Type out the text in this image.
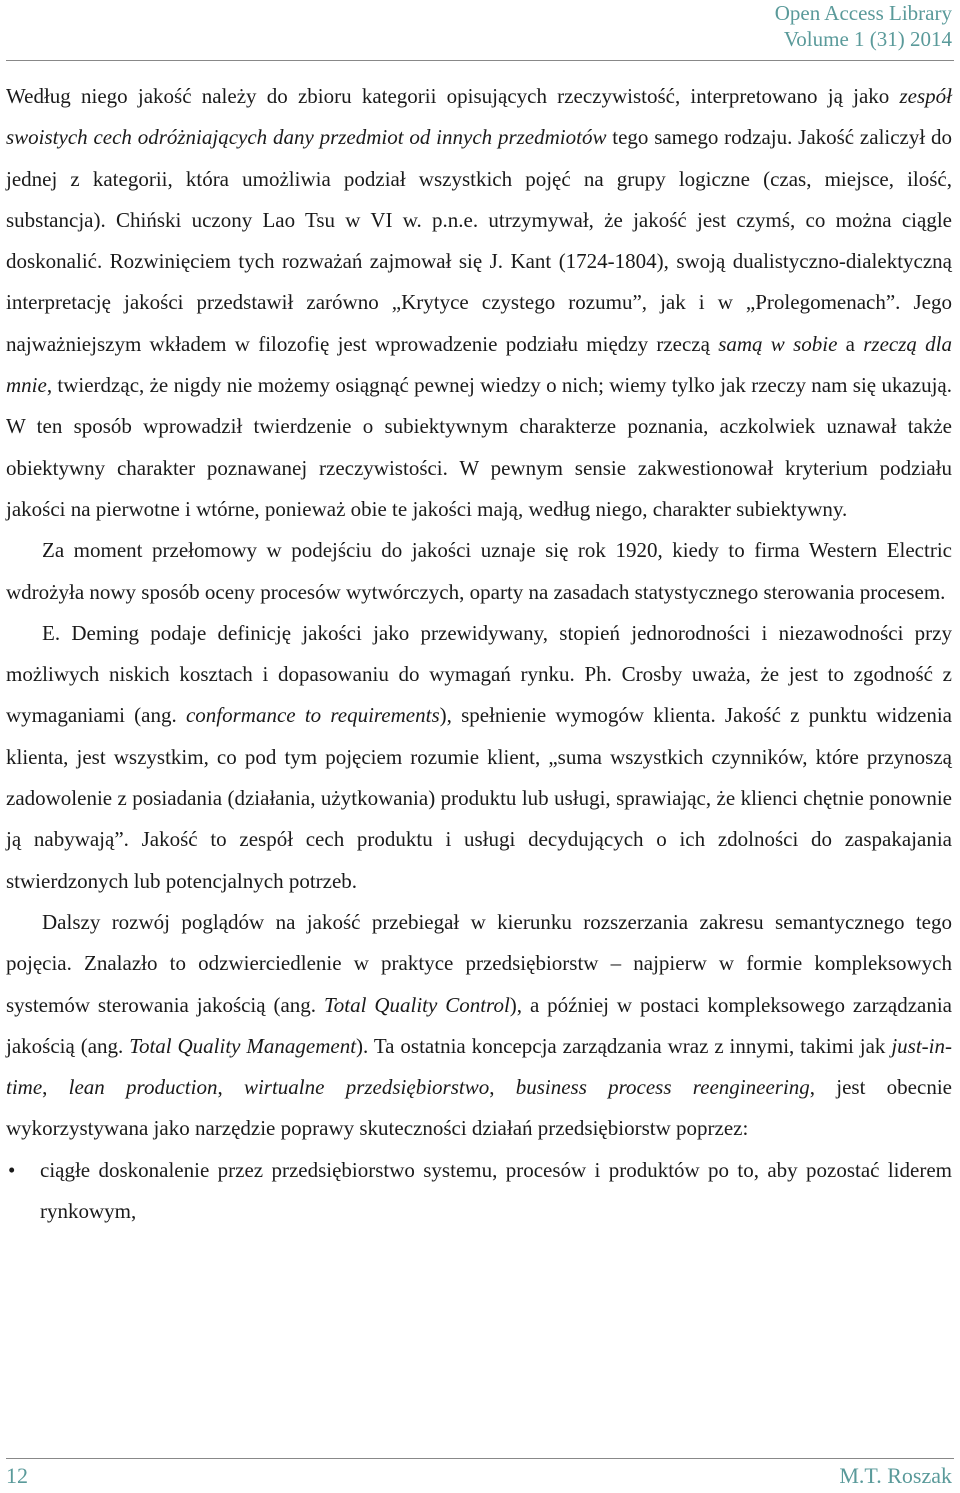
Open Access Library
Volume 1 (31) 2014

Według niego jakość należy do zbioru kategorii opisujących rzeczywistość, interpretowano ją jako zespół swoistych cech odróżniających dany przedmiot od innych przedmiotów tego samego rodzaju. Jakość zaliczył do jednej z kategorii, która umożliwia podział wszystkich pojęć na grupy logiczne (czas, miejsce, ilość, substancja). Chiński uczony Lao Tsu w VI w. p.n.e. utrzymywał, że jakość jest czymś, co można ciągle doskonalić. Rozwinięciem tych rozważań zajmował się J. Kant (1724-1804), swoją dualistyczno-dialektyczną interpretację jakości przedstawił zarówno „Krytyce czystego rozumu”, jak i w „Prolegomenach”. Jego najważniejszym wkładem w filozofię jest wprowadzenie podziału między rzeczą samą w sobie a rzeczą dla mnie, twierdząc, że nigdy nie możemy osiągnąć pewnej wiedzy o nich; wiemy tylko jak rzeczy nam się ukazują. W ten sposób wprowadził twierdzenie o subiektywnym charakterze poznania, aczkolwiek uznawał także obiektywny charakter poznawanej rzeczywistości. W pewnym sensie zakwestionował kryterium podziału jakości na pierwotne i wtórne, ponieważ obie te jakości mają, według niego, charakter subiektywny.

Za moment przełomowy w podejściu do jakości uznaje się rok 1920, kiedy to firma Western Electric wdrożyła nowy sposób oceny procesów wytwórczych, oparty na zasadach statystycznego sterowania procesem.

E. Deming podaje definicję jakości jako przewidywany, stopień jednorodności i niezawodności przy możliwych niskich kosztach i dopasowaniu do wymagań rynku. Ph. Crosby uważa, że jest to zgodność z wymaganiami (ang. conformance to requirements), spełnienie wymogów klienta. Jakość z punktu widzenia klienta, jest wszystkim, co pod tym pojęciem rozumie klient, „suma wszystkich czynników, które przynoszą zadowolenie z posiadania (działania, użytkowania) produktu lub usługi, sprawiając, że klienci chętnie ponownie ją nabywają”. Jakość to zespół cech produktu i usługi decydujących o ich zdolności do zaspakajania stwierdzonych lub potencjalnych potrzeb.

Dalszy rozwój poglądów na jakość przebiegał w kierunku rozszerzania zakresu semantycznego tego pojęcia. Znalazło to odzwierciedlenie w praktyce przedsiębiorstw – najpierw w formie kompleksowych systemów sterowania jakością (ang. Total Quality Control), a później w postaci kompleksowego zarządzania jakością (ang. Total Quality Management). Ta ostatnia koncepcja zarządzania wraz z innymi, takimi jak just-in-time, lean production, wirtualne przedsiębiorstwo, business process reengineering, jest obecnie wykorzystywana jako narzędzie poprawy skuteczności działań przedsiębiorstw poprzez:

• ciągłe doskonalenie przez przedsiębiorstwo systemu, procesów i produktów po to, aby pozostać liderem rynkowym,
12	M.T. Roszak
